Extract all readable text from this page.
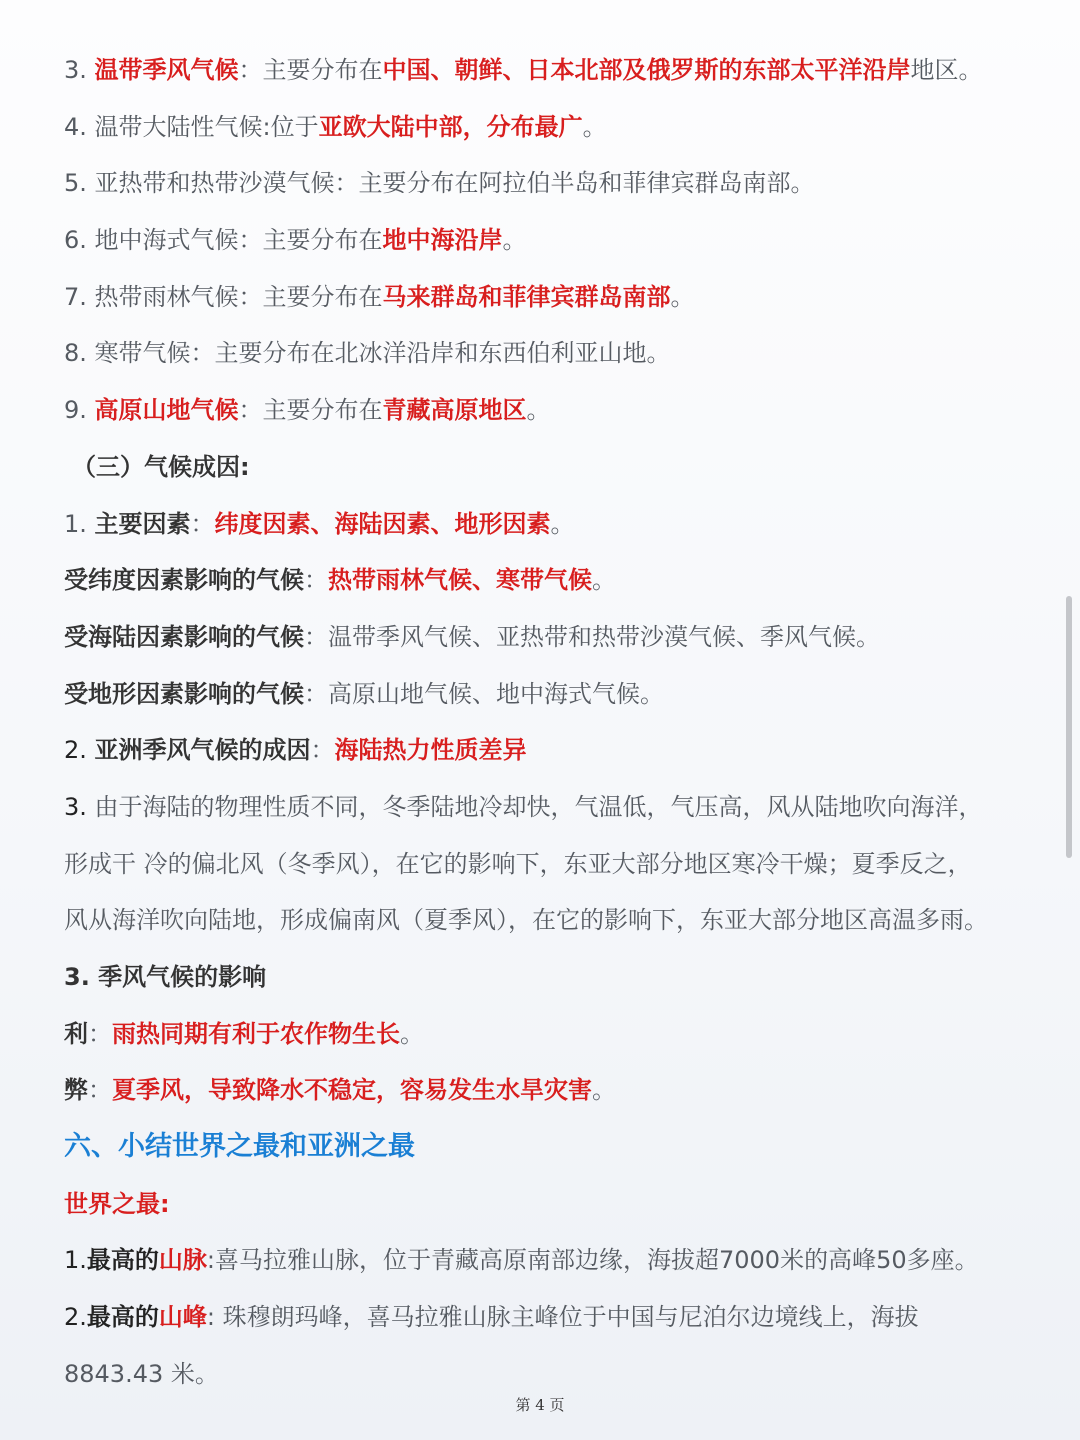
3. 温带季风气候：主要分布在中国、朝鲜、日本北部及俄罗斯的东部太平洋沿岸地区。
4. 温带大陆性气候:位于亚欧大陆中部，分布最广。
5. 亚热带和热带沙漠气候：主要分布在阿拉伯半岛和菲律宾群岛南部。
6. 地中海式气候：主要分布在地中海沿岸。
7. 热带雨林气候：主要分布在马来群岛和菲律宾群岛南部。
8. 寒带气候：主要分布在北冰洋沿岸和东西伯利亚山地。
9. 高原山地气候：主要分布在青藏高原地区。
（三）气候成因:
1. 主要因素：纬度因素、海陆因素、地形因素。
受纬度因素影响的气候：热带雨林气候、寒带气候。
受海陆因素影响的气候：温带季风气候、亚热带和热带沙漠气候、季风气候。
受地形因素影响的气候：高原山地气候、地中海式气候。
2. 亚洲季风气候的成因：海陆热力性质差异
3. 由于海陆的物理性质不同，冬季陆地冷却快，气温低，气压高，风从陆地吹向海洋，
形成干 冷的偏北风（冬季风），在它的影响下，东亚大部分地区寒冷干燥；夏季反之，
风从海洋吹向陆地，形成偏南风（夏季风），在它的影响下，东亚大部分地区高温多雨。
3. 季风气候的影响
利：雨热同期有利于农作物生长。
弊：夏季风，导致降水不稳定，容易发生水旱灾害。
六、小结世界之最和亚洲之最
世界之最:
1.最高的山脉:喜马拉雅山脉，位于青藏高原南部边缘，海拔超7000米的高峰50多座。
2.最高的山峰: 珠穆朗玛峰，喜马拉雅山脉主峰位于中国与尼泊尔边境线上，海拔
8843.43 米。
第 4 页
